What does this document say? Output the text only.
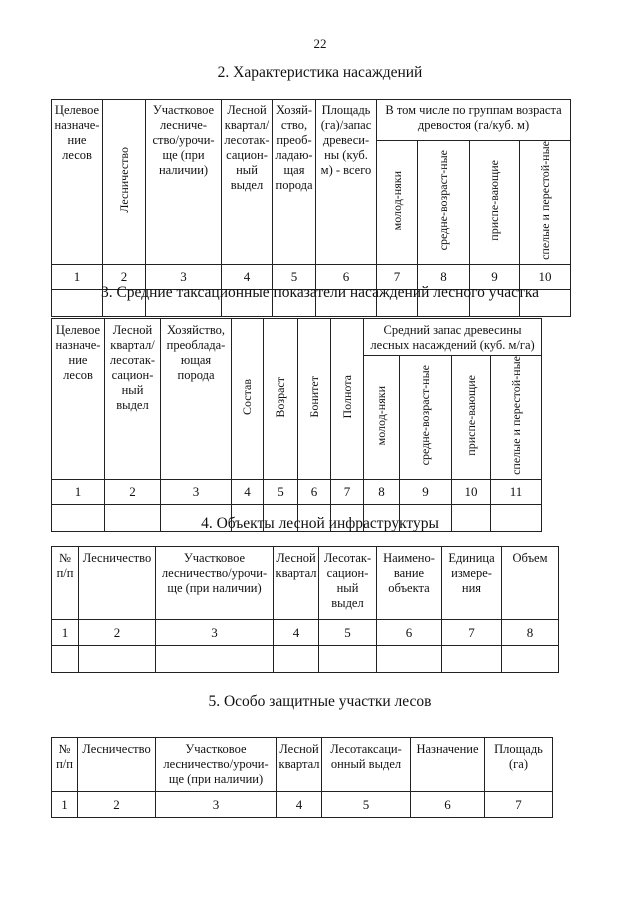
22
2. Характеристика насаждений
Целевое назначе-ние лесов	Лесничество	Участковое лесниче-ство/урочи-ще (при наличии)	Лесной квартал/ лесотак-сацион-ный выдел	Хозяй-ство, преоб-ладаю-щая порода	Площадь (га)/запас древеси-ны (куб. м) - всего	В том числе по группам возраста древостоя (га/куб. м)			
						молод-няки	средне-возраст-ные	приспе-вающие	спелые и перестой-ные
1	2	3	4	5	6	7	8	9	10

3. Средние таксационные показатели насаждений лесного участка
Целевое назначе-ние лесов	Лесной квартал/ лесотак-сацион-ный выдел	Хозяйство, преоблада-ющая порода	Состав	Возраст	Бонитет	Полнота	Средний запас древесины лесных насаждений (куб. м/га)			
							молод-няки	средне-возраст-ные	приспе-вающие	спелые и перестой-ные
1	2	3	4	5	6	7	8	9	10	11

4. Объекты лесной инфраструктуры
№ п/п	Лесничество	Участковое лесничество/урочи-ще (при наличии)	Лесной квартал	Лесотак-сацион-ный выдел	Наимено-вание объекта	Единица измере-ния	Объем
1	2	3	4	5	6	7	8

5. Особо защитные участки лесов
№ п/п	Лесничество	Участковое лесничество/урочи-ще (при наличии)	Лесной квартал	Лесотаксаци-онный выдел	Назначение	Площадь (га)
1	2	3	4	5	6	7
